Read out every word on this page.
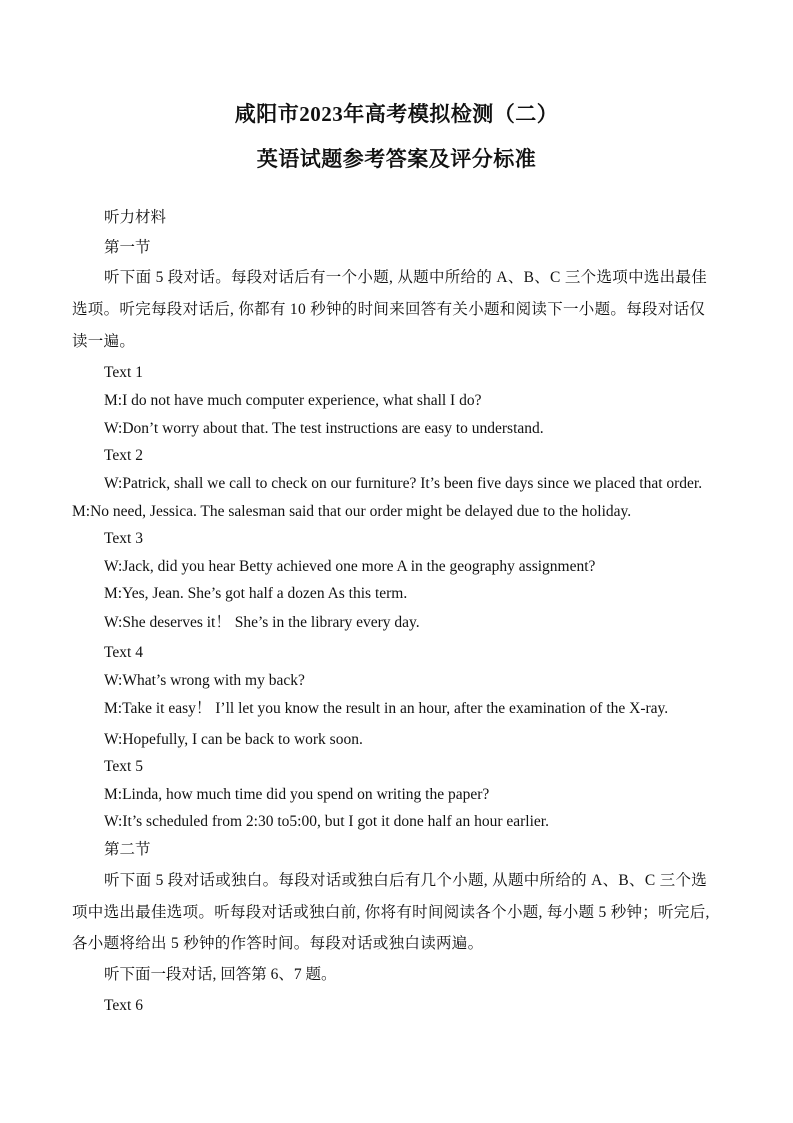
咸阳市2023年高考模拟检测（二）
英语试题参考答案及评分标准
听力材料
第一节
听下面 5 段对话。每段对话后有一个小题, 从题中所给的 A、B、C 三个选项中选出最佳
选项。听完每段对话后, 你都有 10 秒钟的时间来回答有关小题和阅读下一小题。每段对话仅
读一遍。
Text 1
M:I do not have much computer experience, what shall I do?
W:Don’t worry about that. The test instructions are easy to understand.
Text 2
W:Patrick, shall we call to check on our furniture? It’s been five days since we placed that order.
M:No need, Jessica. The salesman said that our order might be delayed due to the holiday.
Text 3
W:Jack, did you hear Betty achieved one more A in the geography assignment?
M:Yes, Jean. She’s got half a dozen As this term.
W:She deserves it！ She’s in the library every day.
Text 4
W:What’s wrong with my back?
M:Take it easy！ I’ll let you know the result in an hour, after the examination of the X-ray.
W:Hopefully, I can be back to work soon.
Text 5
M:Linda, how much time did you spend on writing the paper?
W:It’s scheduled from 2:30 to5:00, but I got it done half an hour earlier.
第二节
听下面 5 段对话或独白。每段对话或独白后有几个小题, 从题中所给的 A、B、C 三个选
项中选出最佳选项。听每段对话或独白前, 你将有时间阅读各个小题, 每小题 5 秒钟；听完后,
各小题将给出 5 秒钟的作答时间。每段对话或独白读两遍。
听下面一段对话, 回答第 6、7 题。
Text 6
